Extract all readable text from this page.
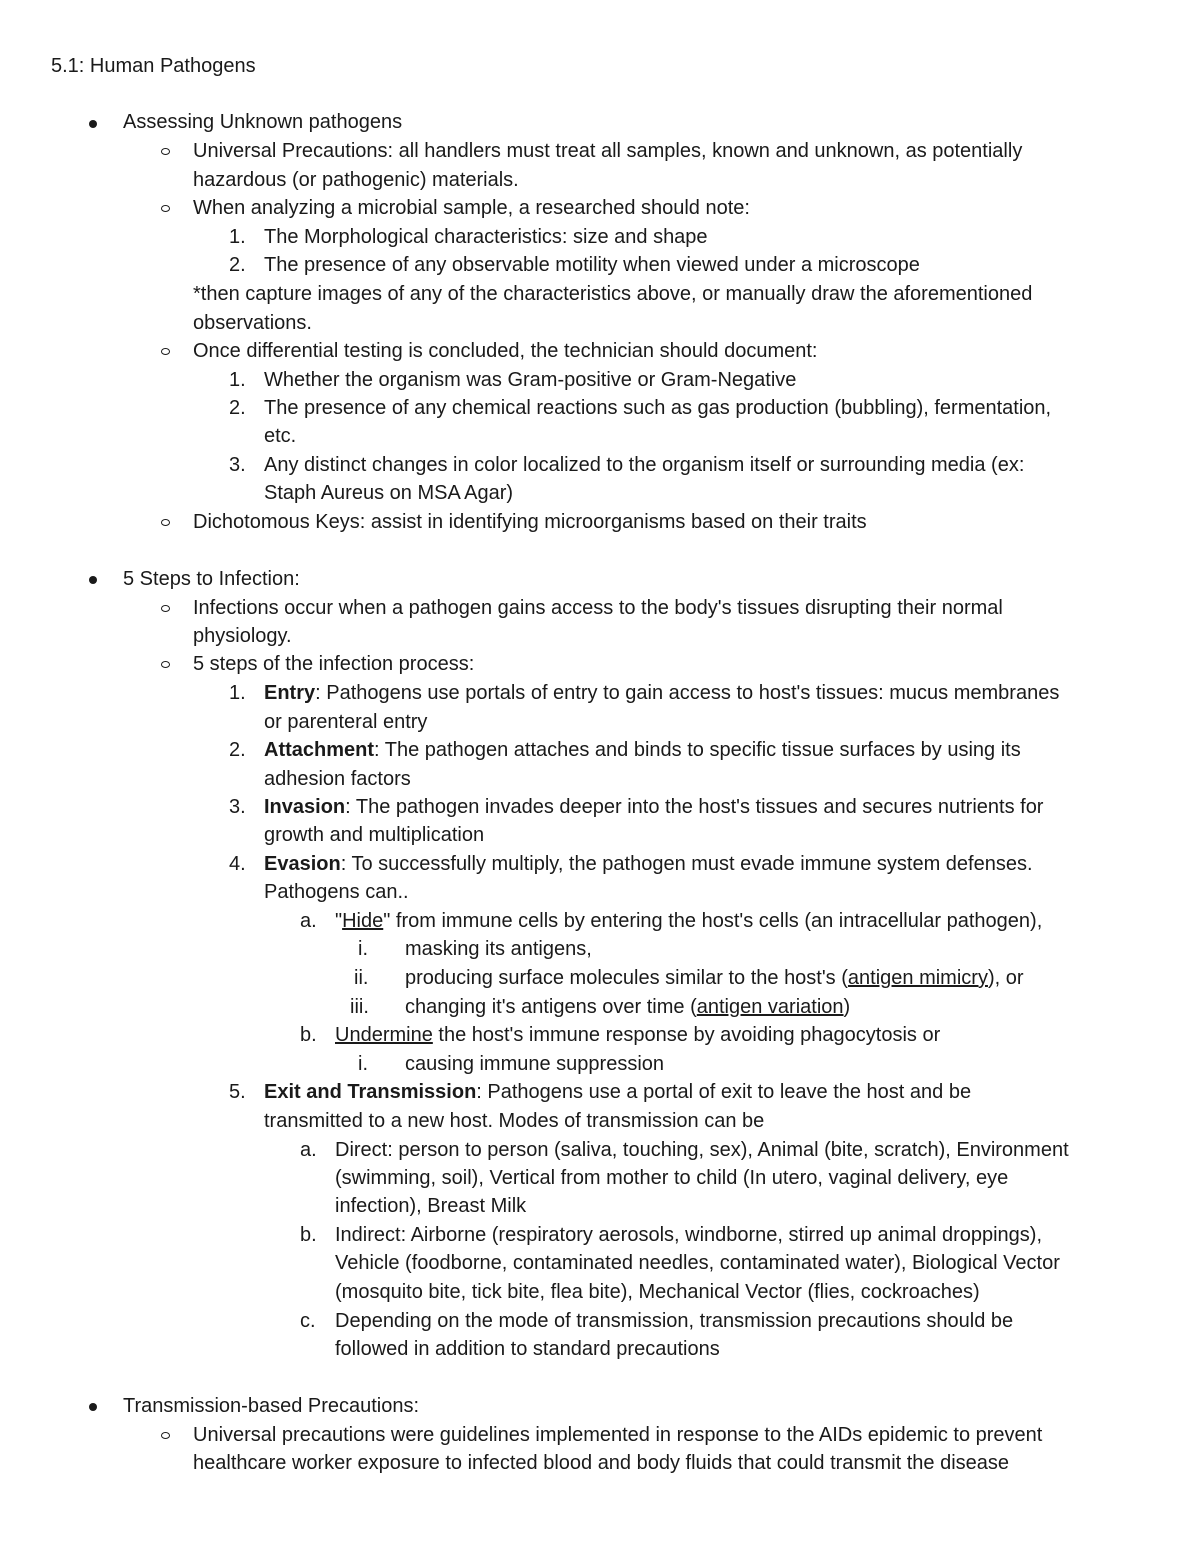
5.1: Human Pathogens
Assessing Unknown pathogens
Universal Precautions: all handlers must treat all samples, known and unknown, as potentially
hazardous (or pathogenic) materials.
When analyzing a microbial sample, a researched should note:
1. The Morphological characteristics: size and shape
2. The presence of any observable motility when viewed under a microscope
*then capture images of any of the characteristics above, or manually draw the aforementioned
observations.
Once differential testing is concluded, the technician should document:
1. Whether the organism was Gram-positive or Gram-Negative
2. The presence of any chemical reactions such as gas production (bubbling), fermentation,
etc.
3. Any distinct changes in color localized to the organism itself or surrounding media (ex:
Staph Aureus on MSA Agar)
Dichotomous Keys: assist in identifying microorganisms based on their traits
5 Steps to Infection:
Infections occur when a pathogen gains access to the body's tissues disrupting their normal
physiology.
5 steps of the infection process:
1. Entry: Pathogens use portals of entry to gain access to host's tissues: mucus membranes
or parenteral entry
2. Attachment: The pathogen attaches and binds to specific tissue surfaces by using its
adhesion factors
3. Invasion: The pathogen invades deeper into the host's tissues and secures nutrients for
growth and multiplication
4. Evasion: To successfully multiply, the pathogen must evade immune system defenses.
Pathogens can..
a. "Hide" from immune cells by entering the host's cells (an intracellular pathogen),
i. masking its antigens,
ii. producing surface molecules similar to the host's (antigen mimicry), or
iii. changing it's antigens over time (antigen variation)
b. Undermine the host's immune response by avoiding phagocytosis or
i. causing immune suppression
5. Exit and Transmission: Pathogens use a portal of exit to leave the host and be
transmitted to a new host. Modes of transmission can be
a. Direct: person to person (saliva, touching, sex), Animal (bite, scratch), Environment
(swimming, soil), Vertical from mother to child (In utero, vaginal delivery, eye
infection), Breast Milk
b. Indirect: Airborne (respiratory aerosols, windborne, stirred up animal droppings),
Vehicle (foodborne, contaminated needles, contaminated water), Biological Vector
(mosquito bite, tick bite, flea bite), Mechanical Vector (flies, cockroaches)
c. Depending on the mode of transmission, transmission precautions should be
followed in addition to standard precautions
Transmission-based Precautions:
Universal precautions were guidelines implemented in response to the AIDs epidemic to prevent
healthcare worker exposure to infected blood and body fluids that could transmit the disease
